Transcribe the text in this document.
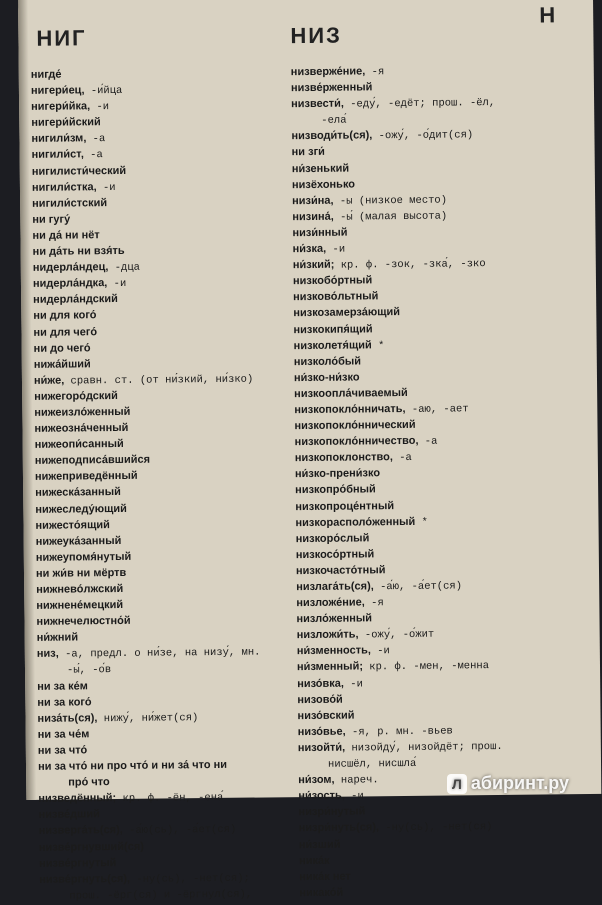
НИГ	НИЗ
Н
нигде́
нигери́ец, -и́йца
нигери́йка, -и
нигери́йский
нигили́зм, -а
нигили́ст, -а
нигилисти́ческий
нигили́стка, -и
нигили́стский
ни гугу́
ни да́ ни нёт
ни да́ть ни взя́ть
нидерла́ндец, -дца
нидерла́ндка, -и
нидерла́ндский
ни для кого́
ни для чего́
ни до чего́
нижа́йший
ни́же, сравн. ст. (от ни́зкий, ни́зко)
нижегоро́дский
нижеизло́женный
нижеозна́ченный
нижеопи́санный
нижеподписа́вшийся
нижеприведённый
нижеска́занный
нижеследу́ющий
нижесто́ящий
нижеука́занный
нижеупомя́нутый
ни жи́в ни мёртв
нижнево́лжский
нижнене́мецкий
нижнечелюстно́й
ни́жний
низ, -а, предл. о ни́зе, на низу́, мн.
-ы́, -о́в
ни за ке́м
ни за кого́
низа́ть(ся), нижу́, ни́жет(ся)
ни за че́м
ни за что́
ни за что́ ни про что́ и ни за́ что ни
про́ что
низведённый; кр. ф. -ён, -ена́
низве́дший
низверга́ть(ся), -а́ю(сь), -а́ет(ся)
низве́ргнувший(ся)
низве́ргнутый
низве́ргнуть(ся), -ну(сь), -нет(ся);
прош. -ёрг(ся) и -ёргнул(ся),
низверже́ние, -я
низве́рженный
низвести́, -еду́, -едёт; прош. -ёл,
-ела́
низводи́ть(ся), -ожу́, -о́дит(ся)
ни зги́
ни́зенький
низёхонько
низи́на, -ы (низкое место)
низина́, -ы́ (малая высота)
низи́нный
ни́зка, -и
ни́зкий; кр. ф. -зок, -зка́, -зко
низкобо́ртный
низково́льтный
низкозамерза́ющий
низкокипя́щий
низколетя́щий *
низколо́бый
ни́зко-ни́зко
низкоопла́чиваемый
низкопокло́нничать, -аю, -ает
низкопокло́ннический
низкопокло́нничество, -а
низкопоклонство, -а
ни́зко-прени́зко
низкопро́бный
низкопроце́нтный
низкорасполо́женный *
низкоро́слый
низкосо́ртный
низкочасто́тный
низлага́ть(ся), -а́ю, -а́ет(ся)
низложе́ние, -я
низло́женный
низложи́ть, -ожу́, -о́жит
ни́зменность, -и
ни́зменный; кр. ф. -мен, -менна
низо́вка, -и
низово́й
низо́вский
низо́вье, -я, р. мн. -вьев
низойти́, низойду́, низойдёт; прош.
нисшёл, нисшла́
ни́зом, нареч.
ни́зость, -и
низри́нутый
низри́нуть(ся), -ну(сь), -нет(ся)
ни́зший
ника́к
ника́к нет
никако́й
Л абиринт.ру
